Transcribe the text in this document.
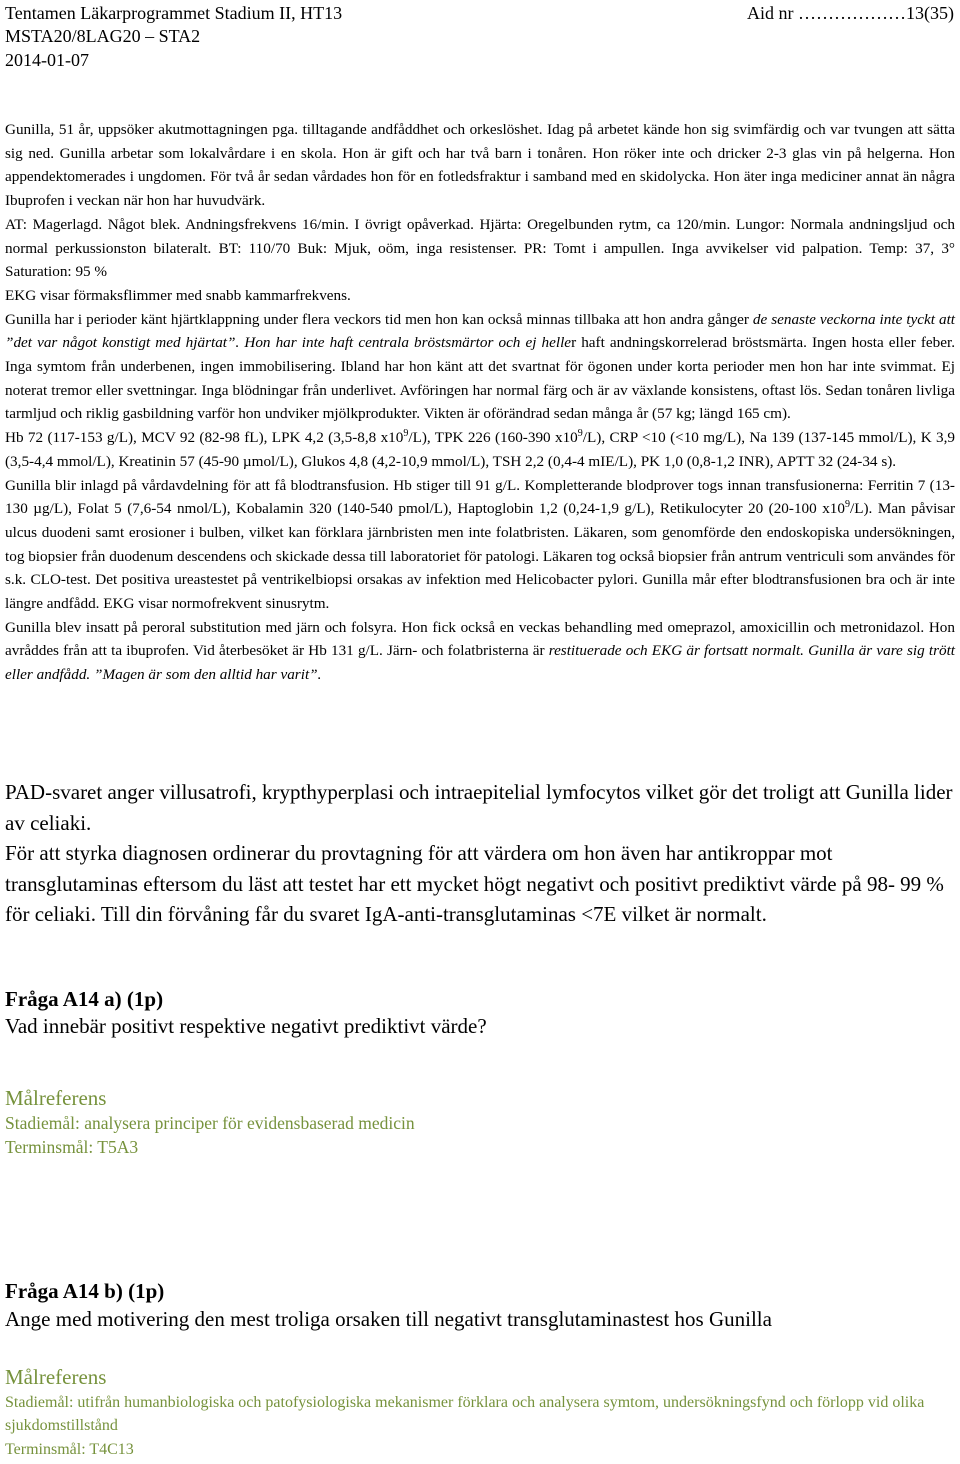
Tentamen Läkarprogrammet Stadium II, HT13
MSTA20/8LAG20 – STA2
2014-01-07
Aid nr ………………13(35)

Gunilla, 51 år, uppsöker akutmottagningen pga. tilltagande andfåddhet och orkeslöshet. Idag på arbetet kände hon sig svimfärdig och var tvungen att sätta sig ned. Gunilla arbetar som lokalvårdare i en skola. Hon är gift och har två barn i tonåren. Hon röker inte och dricker 2-3 glas vin på helgerna. Hon appendektomerades i ungdomen. För två år sedan vårdades hon för en fotledsfraktur i samband med en skidolycka. Hon äter inga mediciner annat än några Ibuprofen i veckan när hon har huvudvärk.

AT: Magerlagd. Något blek. Andningsfrekvens 16/min. I övrigt opåverkad. Hjärta: Oregelbunden rytm, ca 120/min. Lungor: Normala andningsljud och normal perkussionston bilateralt. BT: 110/70 Buk: Mjuk, oöm, inga resistenser. PR: Tomt i ampullen. Inga avvikelser vid palpation. Temp: 37, 3° Saturation: 95 %

EKG visar förmaksflimmer med snabb kammarfrekvens.

Gunilla har i perioder känt hjärtklappning under flera veckors tid men hon kan också minnas tillbaka att hon andra gånger de senaste veckorna inte tyckt att ”det var något konstigt med hjärtat”. Hon har inte haft centrala bröstsmärtor och ej heller haft andningskorrelerad bröstsmärta. Ingen hosta eller feber. Inga symtom från underbenen, ingen immobilisering. Ibland har hon känt att det svartnat för ögonen under korta perioder men hon har inte svimmat. Ej noterat tremor eller svettningar. Inga blödningar från underlivet. Avföringen har normal färg och är av växlande konsistens, oftast lös. Sedan tonåren livliga tarmljud och riklig gasbildning varför hon undviker mjölkprodukter. Vikten är oförändrad sedan många år (57 kg; längd 165 cm).

Hb 72 (117-153 g/L), MCV 92 (82-98 fL), LPK 4,2 (3,5-8,8 $x10^9/L$), TPK 226 (160-390 $x10^9/L$), CRP <10 (<10 mg/L), Na 139 (137-145 mmol/L), K 3,9 (3,5-4,4 mmol/L), Kreatinin 57 (45-90 µmol/L), Glukos 4,8 (4,2-10,9 mmol/L), TSH 2,2 (0,4-4 mIE/L), PK 1,0 (0,8-1,2 INR), APTT 32 (24-34 s).

Gunilla blir inlagd på vårdavdelning för att få blodtransfusion. Hb stiger till 91 g/L. Kompletterande blodprover togs innan transfusionerna: Ferritin 7 (13-130 µg/L), Folat 5 (7,6-54 nmol/L), Kobalamin 320 (140-540 pmol/L), Haptoglobin 1,2 (0,24-1,9 g/L), Retikulocyter 20 (20-100 $x10^9/L$). Man påvisar ulcus duodeni samt erosioner i bulben, vilket kan förklara järnbristen men inte folatbristen. Läkaren, som genomförde den endoskopiska undersökningen, tog biopsier från duodenum descendens och skickade dessa till laboratoriet för patologi. Läkaren tog också biopsier från antrum ventriculi som användes för s.k. CLO-test. Det positiva ureastestet på ventrikelbiopsi orsakas av infektion med Helicobacter pylori. Gunilla mår efter blodtransfusionen bra och är inte längre andfådd. EKG visar normofrekvent sinusrytm.

Gunilla blev insatt på peroral substitution med järn och folsyra. Hon fick också en veckas behandling med omeprazol, amoxicillin och metronidazol. Hon avråddes från att ta ibuprofen. Vid återbesöket är Hb 131 g/L. Järn- och folatbristerna är restituerade och EKG är fortsatt normalt. Gunilla är vare sig trött eller andfådd. ”Magen är som den alltid har varit”.

PAD-svaret anger villusatrofi, krypthyperplasi och intraepitelial lymfocytos vilket gör det troligt att Gunilla lider av celiaki.

För att styrka diagnosen ordinerar du provtagning för att värdera om hon även har antikroppar mot transglutaminas eftersom du läst att testet har ett mycket högt negativt och positivt prediktivt värde på 98- 99 % för celiaki. Till din förvåning får du svaret IgA-anti-transglutaminas <7E vilket är normalt.

Fråga A14 a) (1p)
Vad innebär positivt respektive negativt prediktivt värde?
Målreferens
Stadiemål: analysera principer för evidensbaserad medicin
Terminsmål: T5A3
Fråga A14 b) (1p)
Ange med motivering den mest troliga orsaken till negativt transglutaminastest hos Gunilla
Målreferens
Stadiemål: utifrån humanbiologiska och patofysiologiska mekanismer förklara och analysera symtom, undersökningsfynd och förlopp vid olika sjukdomstillstånd
Terminsmål: T4C13
